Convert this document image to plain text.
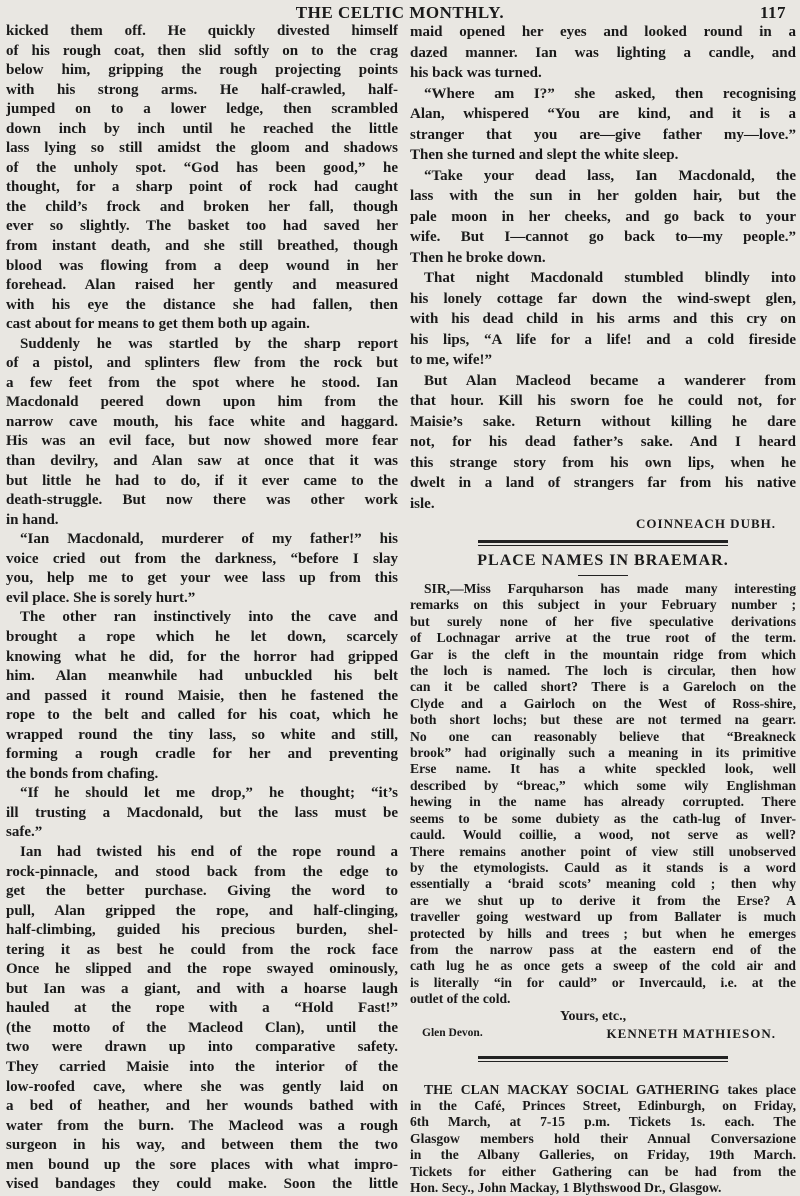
THE CELTIC MONTHLY.	117
kicked them off. He quickly divested himself
of his rough coat, then slid softly on to the crag
below him, gripping the rough projecting points
with his strong arms. He half-crawled, half-
jumped on to a lower ledge, then scrambled
down inch by inch until he reached the little
lass lying so still amidst the gloom and shadows
of the unholy spot. “God has been good,” he
thought, for a sharp point of rock had caught
the child’s frock and broken her fall, though
ever so slightly. The basket too had saved her
from instant death, and she still breathed, though
blood was flowing from a deep wound in her
forehead. Alan raised her gently and measured
with his eye the distance she had fallen, then
cast about for means to get them both up again.
Suddenly he was startled by the sharp report
of a pistol, and splinters flew from the rock but
a few feet from the spot where he stood. Ian
Macdonald peered down upon him from the
narrow cave mouth, his face white and haggard.
His was an evil face, but now showed more fear
than devilry, and Alan saw at once that it was
but little he had to do, if it ever came to the
death-struggle. But now there was other work
in hand.
“Ian Macdonald, murderer of my father!” his
voice cried out from the darkness, “before I slay
you, help me to get your wee lass up from this
evil place. She is sorely hurt.”
The other ran instinctively into the cave and
brought a rope which he let down, scarcely
knowing what he did, for the horror had gripped
him. Alan meanwhile had unbuckled his belt
and passed it round Maisie, then he fastened the
rope to the belt and called for his coat, which he
wrapped round the tiny lass, so white and still,
forming a rough cradle for her and preventing
the bonds from chafing.
“If he should let me drop,” he thought; “it’s
ill trusting a Macdonald, but the lass must be
safe.”
Ian had twisted his end of the rope round a
rock-pinnacle, and stood back from the edge to
get the better purchase. Giving the word to
pull, Alan gripped the rope, and half-clinging,
half-climbing, guided his precious burden, shel-
tering it as best he could from the rock face
Once he slipped and the rope swayed ominously,
but Ian was a giant, and with a hoarse laugh
hauled at the rope with a “Hold Fast!”
(the motto of the Macleod Clan), until the
two were drawn up into comparative safety.
They carried Maisie into the interior of the
low-roofed cave, where she was gently laid on
a bed of heather, and her wounds bathed with
water from the burn. The Macleod was a rough
surgeon in his way, and between them the two
men bound up the sore places with what impro-
vised bandages they could make. Soon the little
maid opened her eyes and looked round in a
dazed manner. Ian was lighting a candle, and
his back was turned.
“Where am I?” she asked, then recognising
Alan, whispered “You are kind, and it is a
stranger that you are—give father my—love.”
Then she turned and slept the white sleep.
“Take your dead lass, Ian Macdonald, the
lass with the sun in her golden hair, but the
pale moon in her cheeks, and go back to your
wife. But I—cannot go back to—my people.”
Then he broke down.
That night Macdonald stumbled blindly into
his lonely cottage far down the wind-swept glen,
with his dead child in his arms and this cry on
his lips, “A life for a life! and a cold fireside
to me, wife!”
But Alan Macleod became a wanderer from
that hour. Kill his sworn foe he could not, for
Maisie’s sake. Return without killing he dare
not, for his dead father’s sake. And I heard
this strange story from his own lips, when he
dwelt in a land of strangers far from his native
isle.
COINNEACH DUBH.
PLACE NAMES IN BRAEMAR.
SIR,—Miss Farquharson has made many interesting
remarks on this subject in your February number ;
but surely none of her five speculative derivations
of Lochnagar arrive at the true root of the term.
Gar is the cleft in the mountain ridge from which
the loch is named. The loch is circular, then how
can it be called short? There is a Gareloch on the
Clyde and a Gairloch on the West of Ross-shire,
both short lochs; but these are not termed na gearr.
No one can reasonably believe that “Breakneck
brook” had originally such a meaning in its primitive
Erse name. It has a white speckled look, well
described by “breac,” which some wily Englishman
hewing in the name has already corrupted. There
seems to be some dubiety as the cath-lug of Inver-
cauld. Would coillie, a wood, not serve as well?
There remains another point of view still unobserved
by the etymologists. Cauld as it stands is a word
essentially a ‘braid scots’ meaning cold ; then why
are we shut up to derive it from the Erse? A
traveller going westward up from Ballater is much
protected by hills and trees ; but when he emerges
from the narrow pass at the eastern end of the
cath lug he as once gets a sweep of the cold air and
is literally “in for cauld” or Invercauld, i.e. at the
outlet of the cold.
Yours, etc.,
Glen Devon.	KENNETH MATHIESON.
THE CLAN MACKAY SOCIAL GATHERING takes place
in the Café, Princes Street, Edinburgh, on Friday,
6th March, at 7-15 p.m. Tickets 1s. each. The
Glasgow members hold their Annual Conversazione
in the Albany Galleries, on Friday, 19th March.
Tickets for either Gathering can be had from the
Hon. Secy., John Mackay, 1 Blythswood Dr., Glasgow.
